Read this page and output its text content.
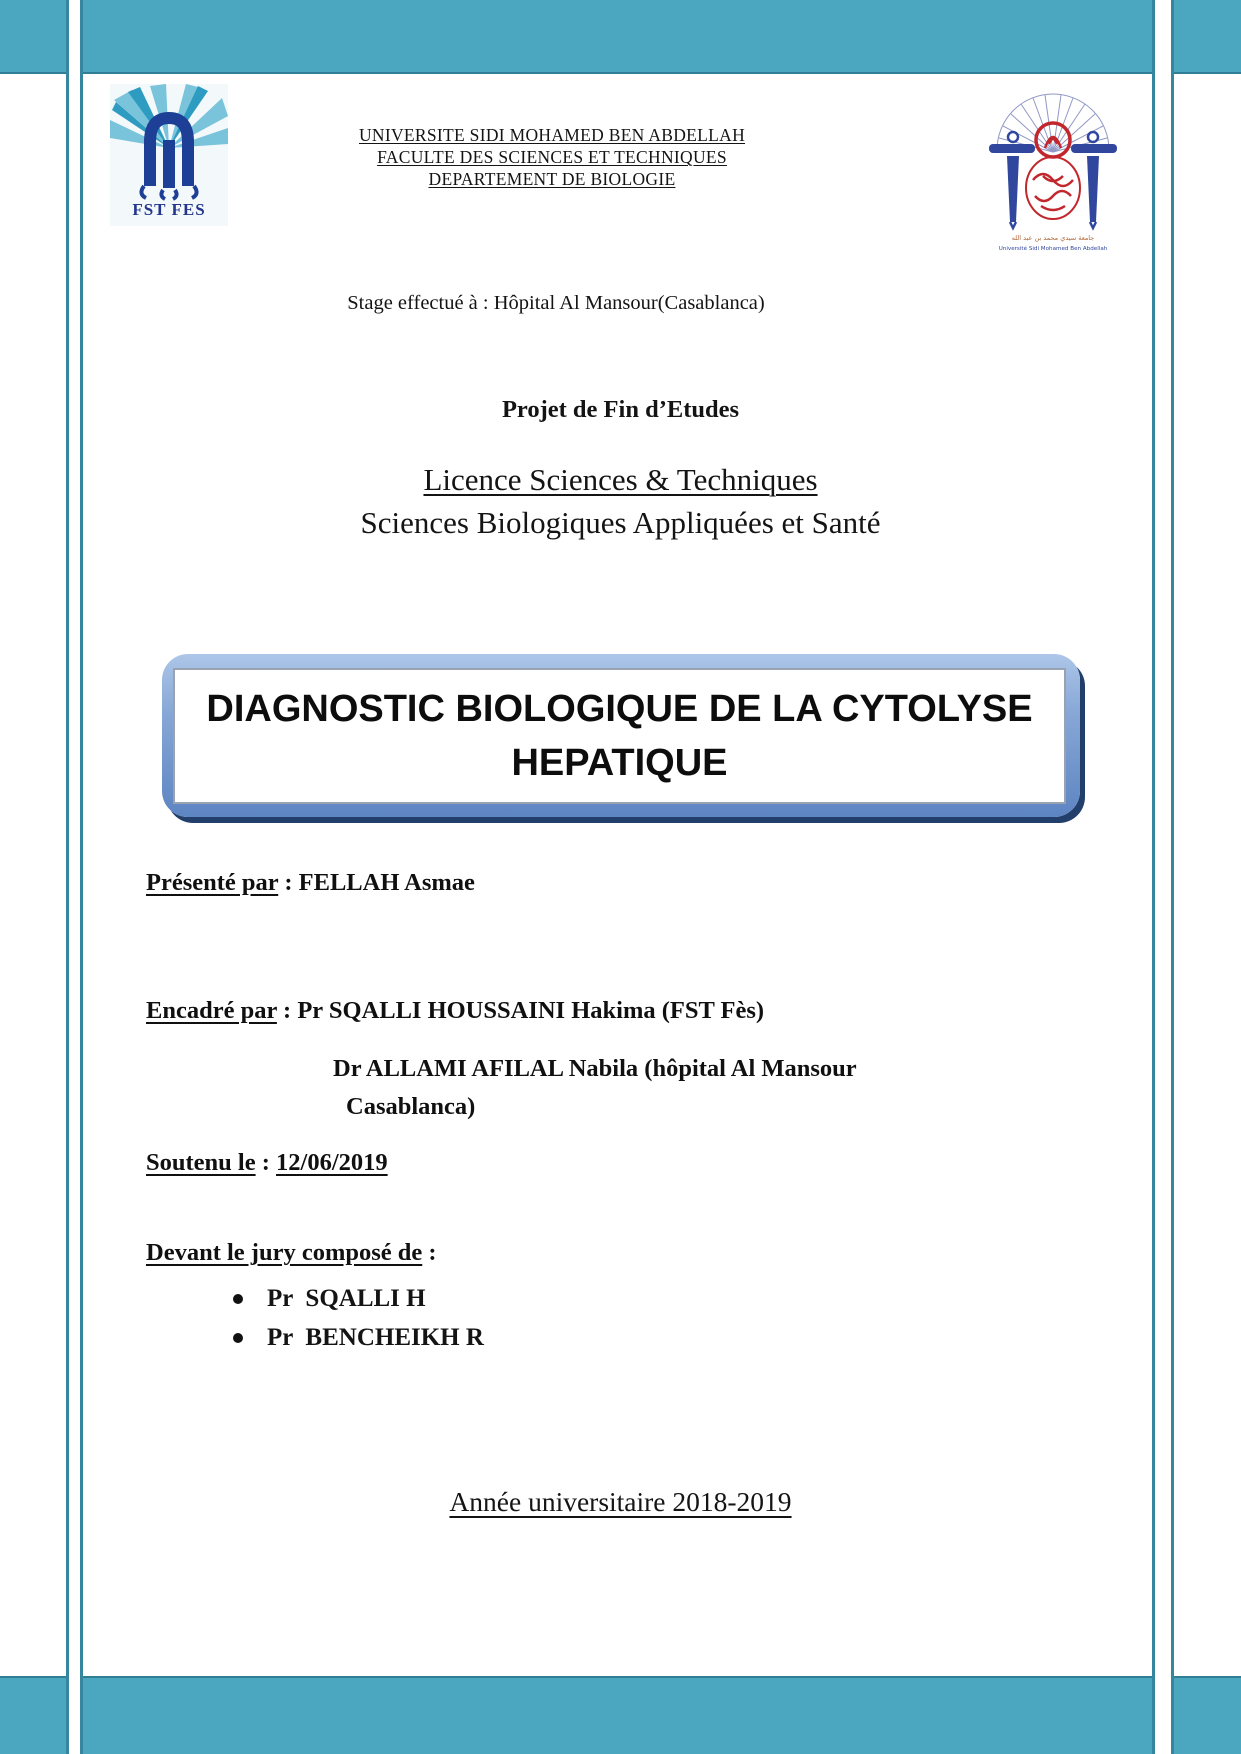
FST FES
جامعة سيدي محمد بن عبد الله
Université Sidi Mohamed Ben Abdellah
UNIVERSITE SIDI MOHAMED BEN ABDELLAH
FACULTE DES SCIENCES ET TECHNIQUES
DEPARTEMENT DE BIOLOGIE
Stage effectué à : Hôpital Al Mansour(Casablanca)
Projet de Fin d’Etudes
Licence Sciences & Techniques
Sciences Biologiques Appliquées et Santé
DIAGNOSTIC BIOLOGIQUE DE LA CYTOLYSE
HEPATIQUE
Présenté par : FELLAH Asmae
Encadré par : Pr SQALLI HOUSSAINI Hakima (FST Fès)
Dr ALLAMI AFILAL Nabila (hôpital Al Mansour
Casablanca)
Soutenu le : 12/06/2019
Devant le jury composé de :
Pr  SQALLI H
Pr  BENCHEIKH R
Année universitaire 2018-2019
